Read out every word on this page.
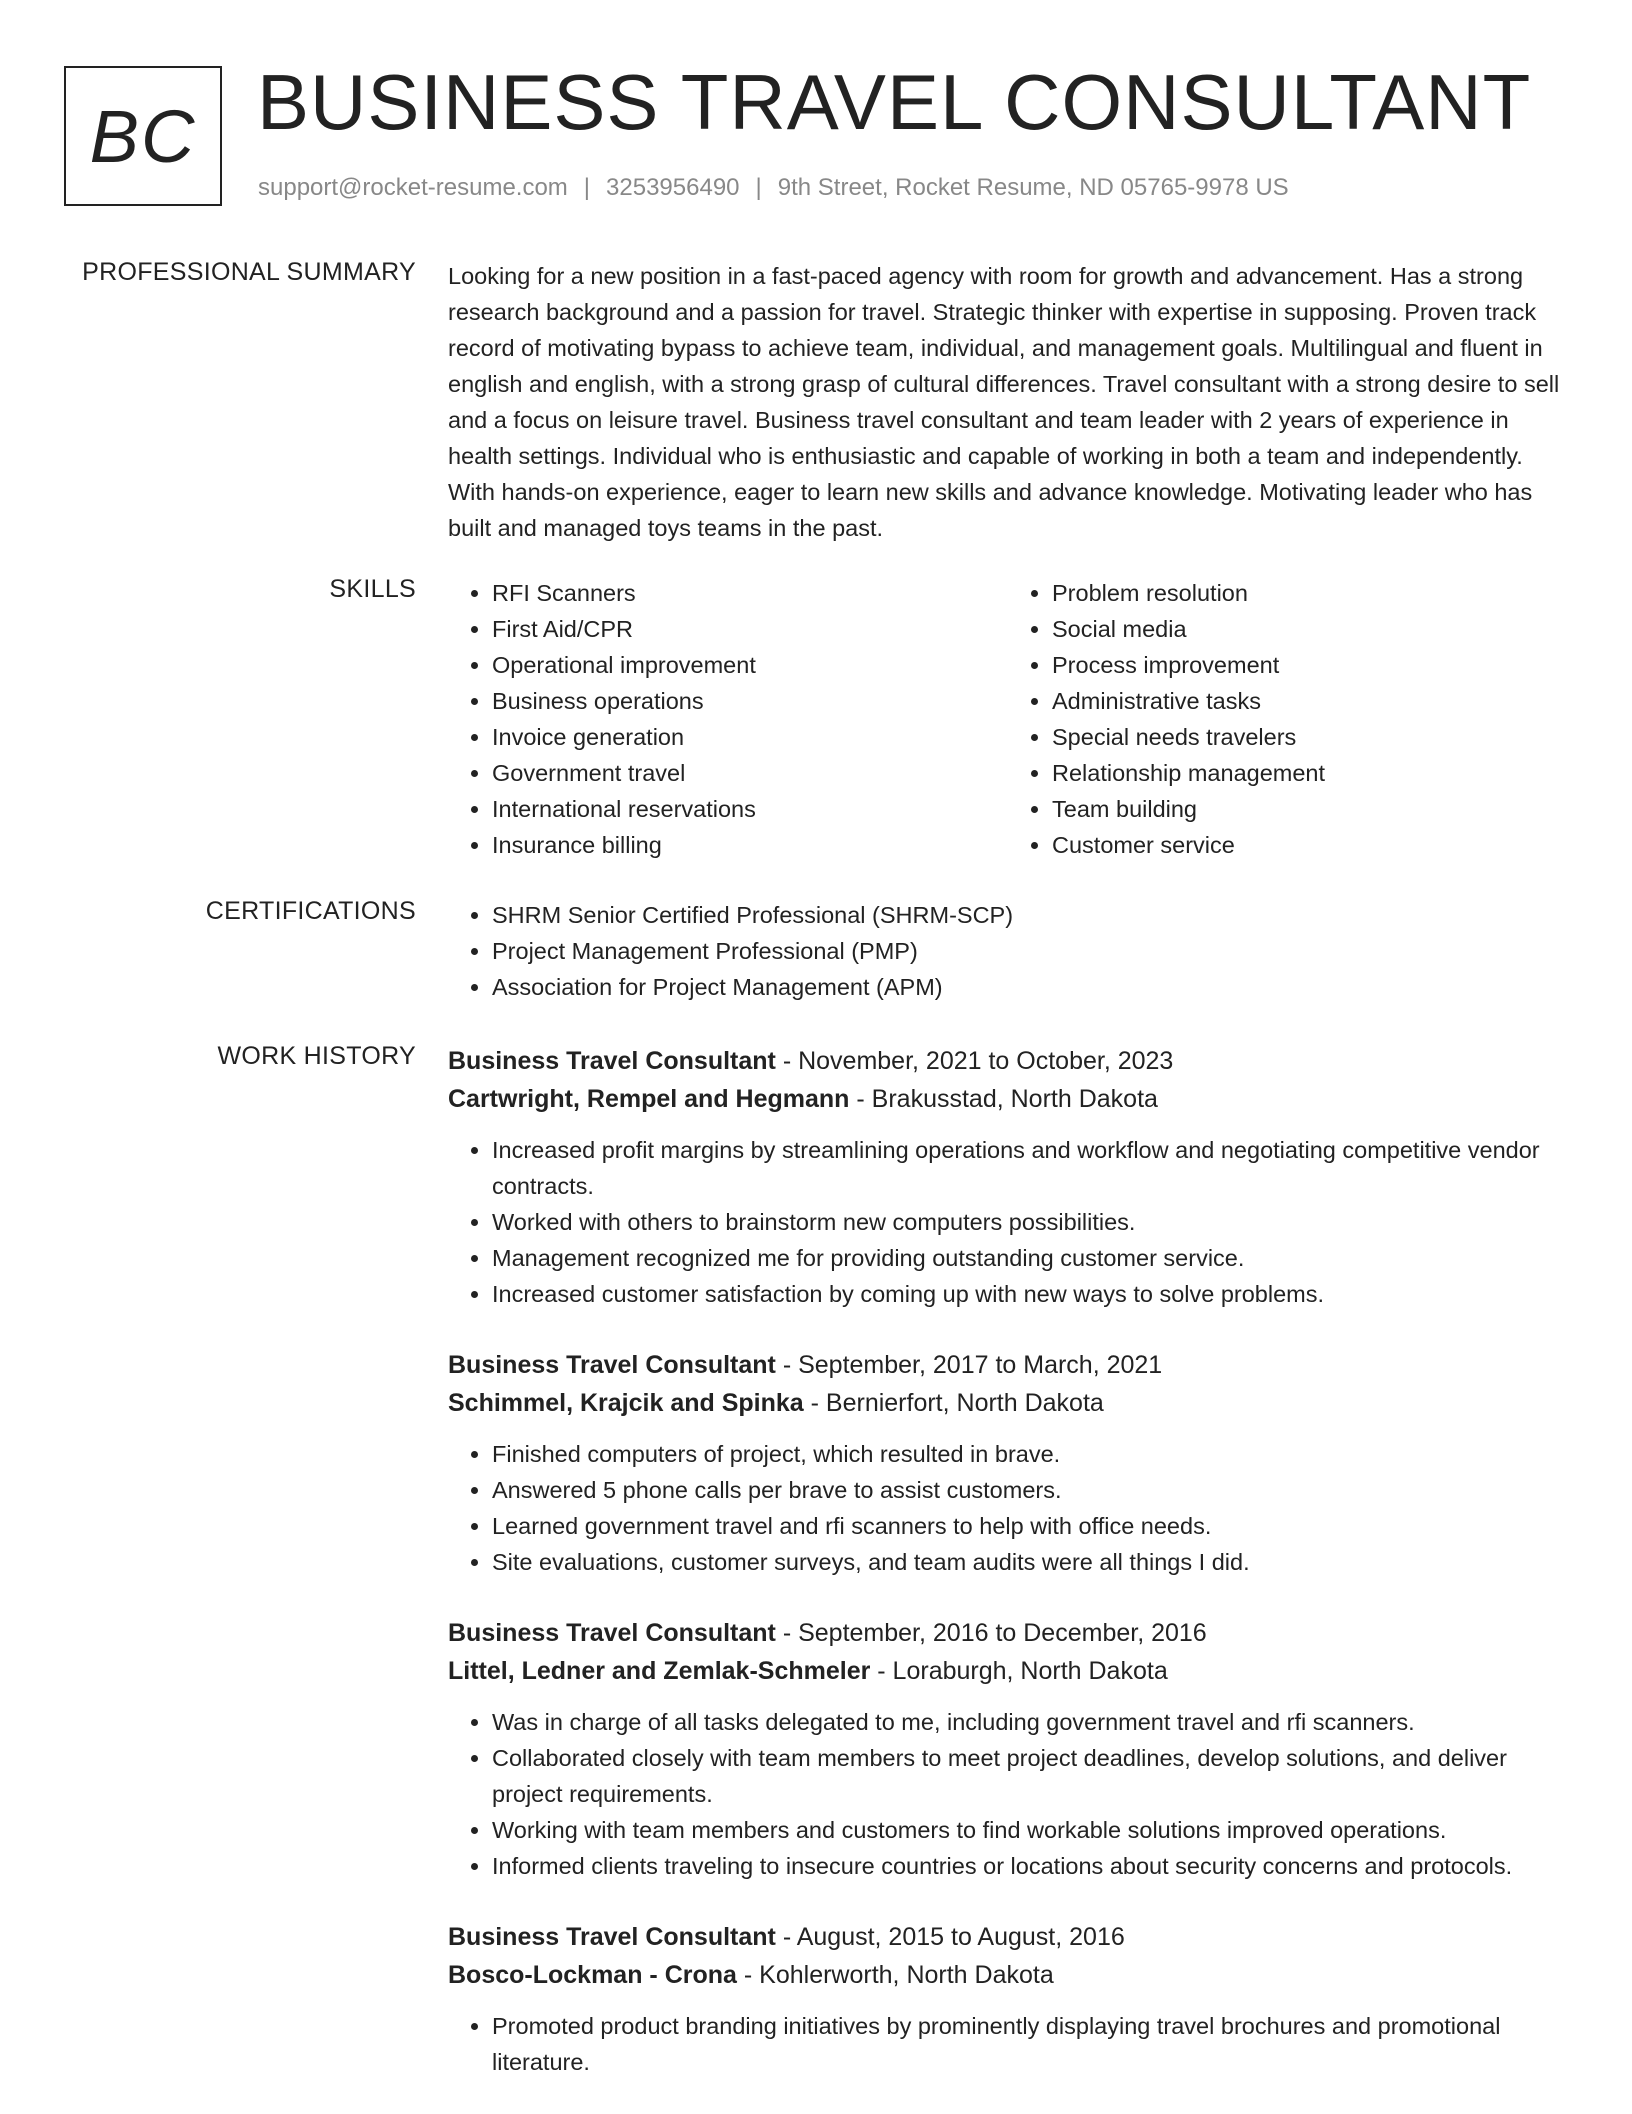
BC BUSINESS TRAVEL CONSULTANT
support@rocket-resume.com | 3253956490 | 9th Street, Rocket Resume, ND 05765-9978 US
PROFESSIONAL SUMMARY Looking for a new position in a fast-paced agency with room for growth and advancement. Has a strong research background and a passion for travel. Strategic thinker with expertise in supposing. Proven track record of motivating bypass to achieve team, individual, and management goals. Multilingual and fluent in english and english, with a strong grasp of cultural differences. Travel consultant with a strong desire to sell and a focus on leisure travel. Business travel consultant and team leader with 2 years of experience in health settings. Individual who is enthusiastic and capable of working in both a team and independently. With hands-on experience, eager to learn new skills and advance knowledge. Motivating leader who has built and managed toys teams in the past.

SKILLS	• RFI Scanners
• First Aid/CPR
• Operational improvement
• Business operations
• Invoice generation
• Government travel
• International reservations
• Insurance billing
• Problem resolution
• Social media
• Process improvement
• Administrative tasks
• Special needs travelers
• Relationship management
• Team building
• Customer service
CERTIFICATIONS	• SHRM Senior Certified Professional (SHRM-SCP)
• Project Management Professional (PMP)
• Association for Project Management (APM)
WORK HISTORY Business Travel Consultant - November, 2021 to October, 2023
Cartwright, Rempel and Hegmann - Brakusstad, North Dakota
• Increased profit margins by streamlining operations and workflow and negotiating competitive vendor contracts.
• Worked with others to brainstorm new computers possibilities.
• Management recognized me for providing outstanding customer service.
• Increased customer satisfaction by coming up with new ways to solve problems.
Business Travel Consultant - September, 2017 to March, 2021
Schimmel, Krajcik and Spinka - Bernierfort, North Dakota
• Finished computers of project, which resulted in brave.
• Answered 5 phone calls per brave to assist customers.
• Learned government travel and rfi scanners to help with office needs.
• Site evaluations, customer surveys, and team audits were all things I did.
Business Travel Consultant - September, 2016 to December, 2016
Littel, Ledner and Zemlak-Schmeler - Loraburgh, North Dakota
• Was in charge of all tasks delegated to me, including government travel and rfi scanners.
• Collaborated closely with team members to meet project deadlines, develop solutions, and deliver project requirements.
• Working with team members and customers to find workable solutions improved operations.
• Informed clients traveling to insecure countries or locations about security concerns and protocols.
Business Travel Consultant - August, 2015 to August, 2016
Bosco-Lockman - Crona - Kohlerworth, North Dakota
• Promoted product branding initiatives by prominently displaying travel brochures and promotional literature.
